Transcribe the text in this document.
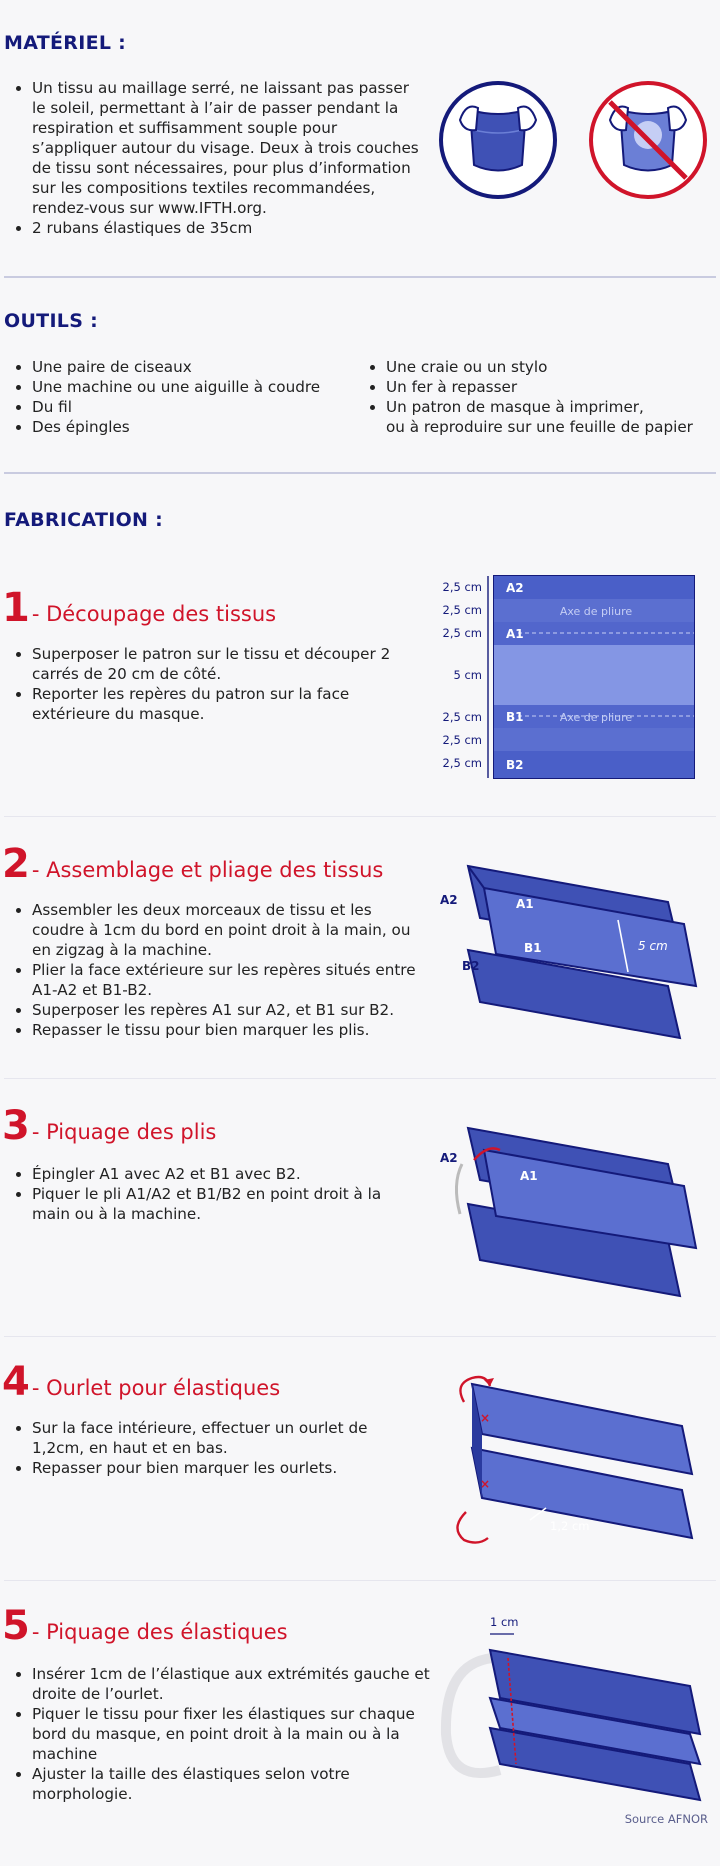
MATÉRIEL :
• Un tissu au maillage serré, ne laissant pas passer le soleil, permettant à l’air de passer pendant la respiration et suffisamment souple pour s’appliquer autour du visage. Deux à trois couches de tissu sont nécessaires, pour plus d’information sur les compositions textiles recommandées, rendez-vous sur www.IFTH.org.
• 2 rubans élastiques de 35cm
OUTILS :
• Une paire de ciseaux
• Une machine ou une aiguille à coudre
• Du fil
• Des épingles
• Une craie ou un stylo
• Un fer à repasser
• Un patron de masque à imprimer,
ou à reproduire sur une feuille de papier
FABRICATION :
1 - Découpage des tissus
• Superposer le patron sur le tissu et découper 2 carrés de 20 cm de côté.
• Reporter les repères du patron sur la face extérieure du masque.
2,5 cm
2,5 cm
2,5 cm
5 cm
2,5 cm
2,5 cm
2,5 cm
A2
A1
B1
B2
Axe de pliure
Axe de pliure
2 - Assemblage et pliage des tissus
• Assembler les deux morceaux de tissu et les coudre à 1cm du bord en point droit à la main, ou en zigzag à la machine.
• Plier la face extérieure sur les repères situés entre A1-A2 et B1-B2.
• Superposer les repères A1 sur A2, et B1 sur B2.
• Repasser le tissu pour bien marquer les plis.
A2
B2
A1
B1	5 cm
3 - Piquage des plis
• Épingler A1 avec A2 et B1 avec B2.
• Piquer le pli A1/A2 et B1/B2 en point droit à la main ou à la machine.
A2
A1
4 - Ourlet pour élastiques
• Sur la face intérieure, effectuer un ourlet de 1,2cm, en haut et en bas.
• Repasser pour bien marquer les ourlets.
×
×
1,2 cm
5 - Piquage des élastiques
• Insérer 1cm de l’élastique aux extrémités gauche et droite de l’ourlet.
• Piquer le tissu pour fixer les élastiques sur chaque bord du masque, en point droit à la main ou à la machine
• Ajuster la taille des élastiques selon votre morphologie.
1 cm
Source AFNOR
